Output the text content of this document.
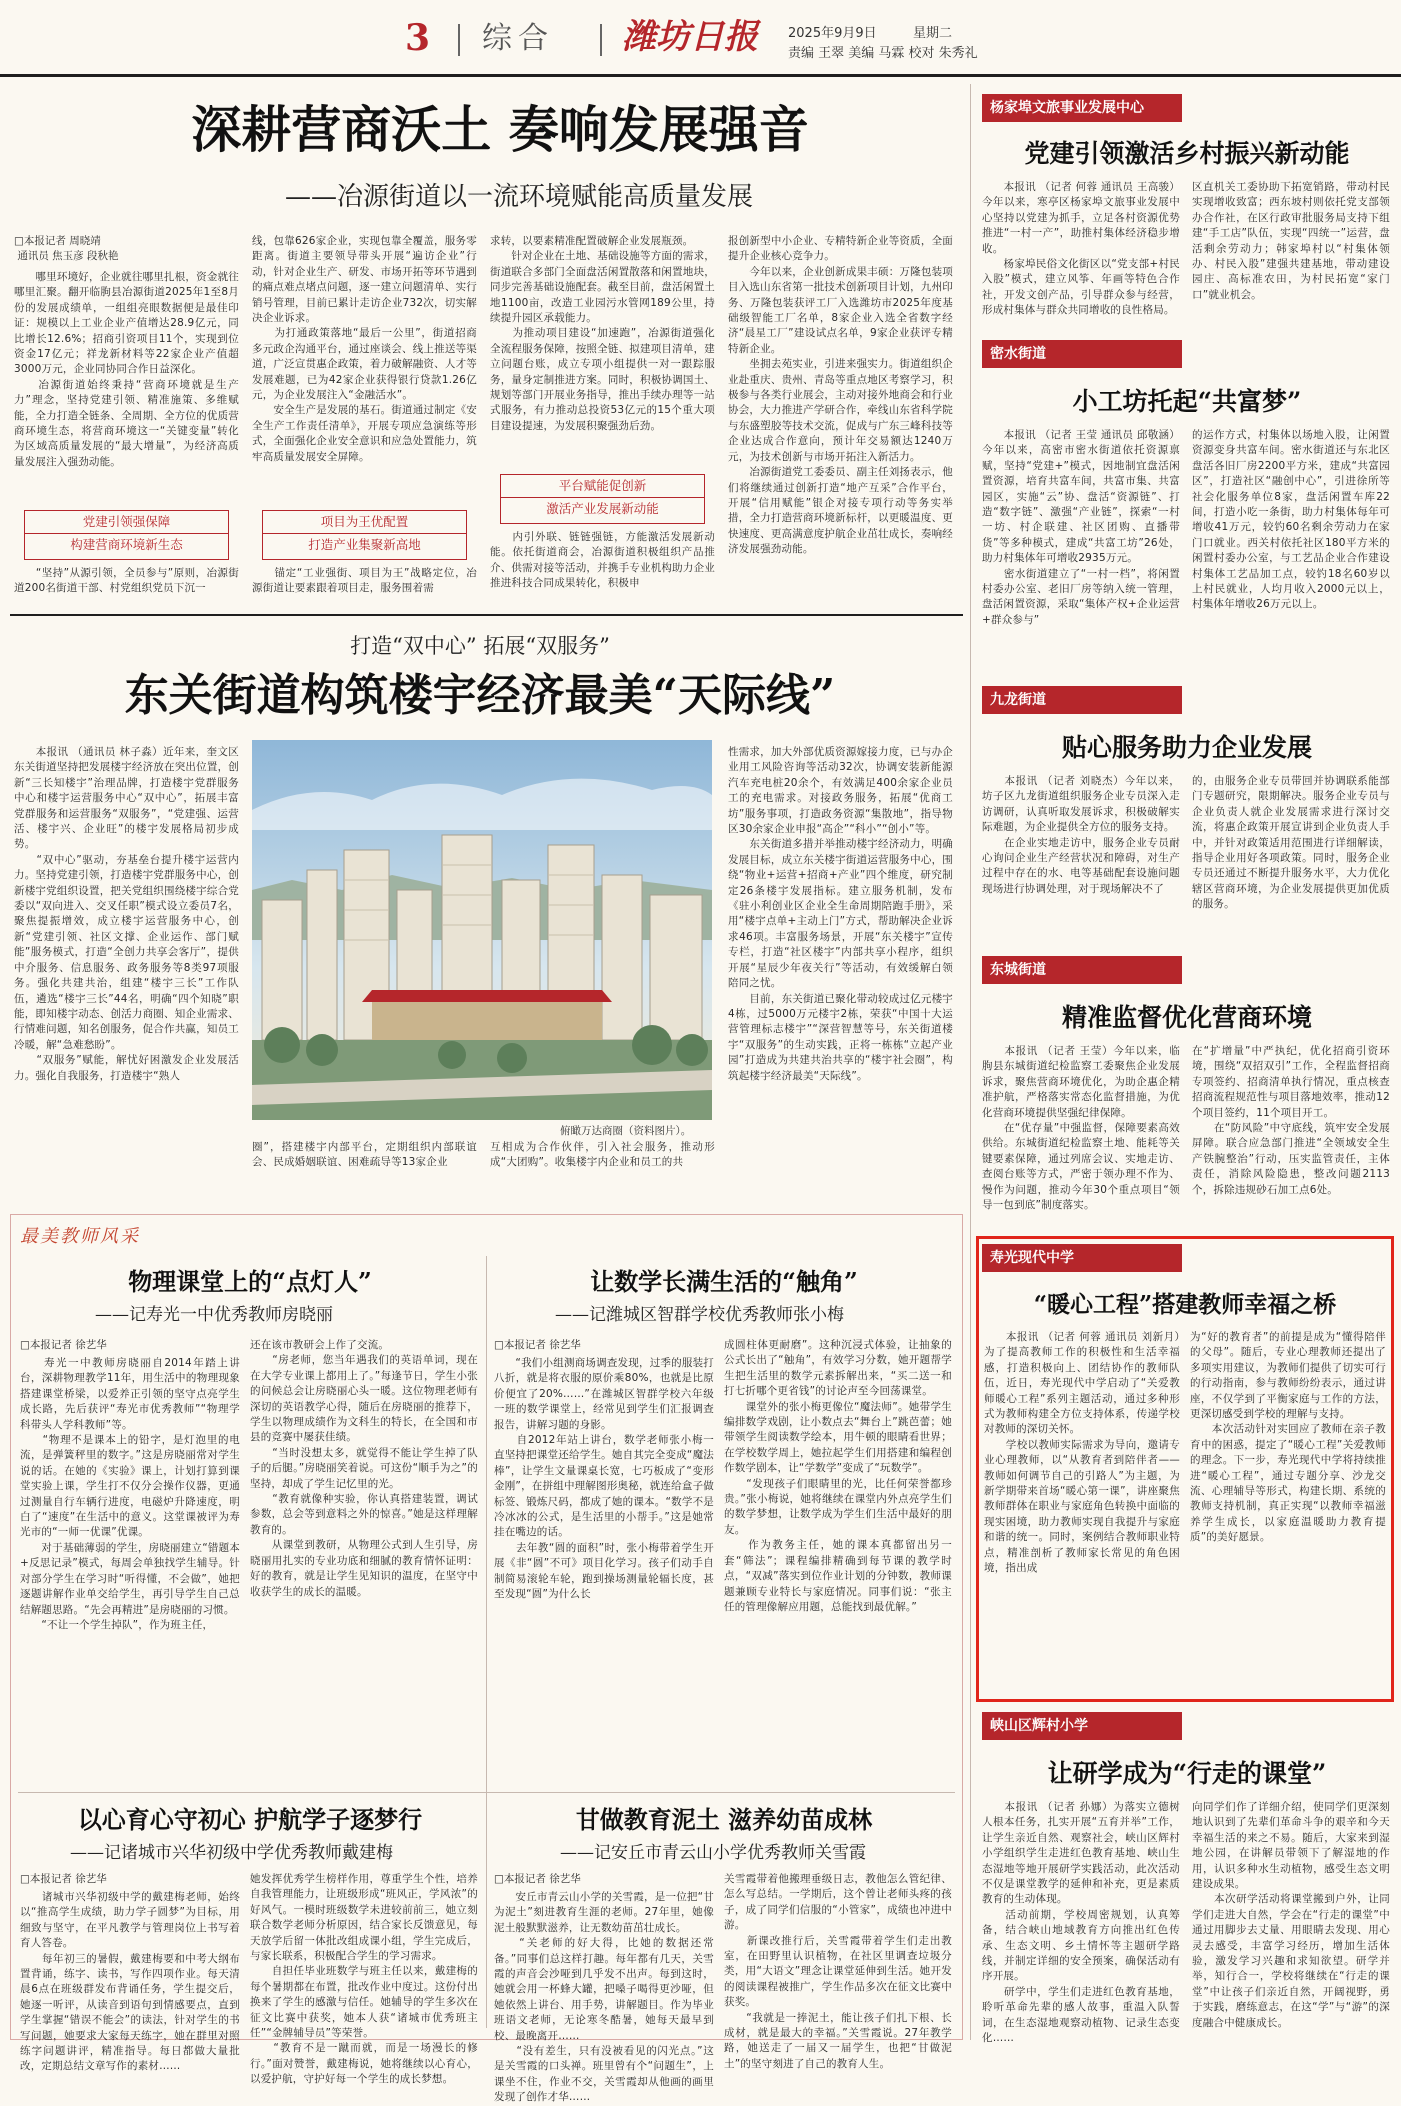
3 综合 潍坊日报 2025年9月9日	星期二
责编 王翠 美编 马霖 校对 朱秀礼
深耕营商沃土 奏响发展强音
——冶源街道以一流环境赋能高质量发展
□本报记者 周晓靖
通讯员 焦玉彦 段秋艳
　　哪里环境好，企业就往哪里扎根，资金就往哪里汇聚。翻开临朐县冶源街道2025年1至8月份的发展成绩单，一组组亮眼数据便是最佳印证：规模以上工业企业产值增达28.9亿元，同比增长12.6%；招商引资项目11个，实现到位资金17亿元；祥龙新材料等22家企业产值超3000万元，企业同协同合作日益深化。
　　冶源街道始终秉持“营商环境就是生产力”理念，坚持党建引领、精准施策、多维赋能，全力打造全链条、全周期、全方位的优质营商环境生态，将营商环境这一“关键变量”转化为区域高质量发展的“最大增量”，为经济高质量发展注入强劲动能。
党建引领强保障
构建营商环境新生态
　　“坚持”从源引领，全员参与”原则，冶源街道200名街道干部、村党组织党员下沉一
线，包靠626家企业，实现包靠全覆盖，服务零距离。街道主要领导带头开展“遍访企业”行动，针对企业生产、研发、市场开拓等环节遇到的痛点难点堵点问题，逐一建立问题清单、实行销号管理，目前已累计走访企业732次，切实解决企业诉求。
　　为打通政策落地“最后一公里”，街道招商多元政企沟通平台，通过座谈会、线上推送等渠道，广泛宣贯惠企政策，着力破解融资、人才等发展难题，已为42家企业获得银行贷款1.26亿元，为企业发展注入“金融活水”。
　　安全生产是发展的基石。街道通过制定《安全生产工作责任清单》，开展专项应急演练等形式，全面强化企业安全意识和应急处置能力，筑牢高质量发展安全屏障。
项目为王优配置
打造产业集聚新高地
　　锚定“工业强街、项目为王”战略定位，冶源街道让要素跟着项目走，服务围着需
求转，以要素精准配置破解企业发展瓶颈。
　　针对企业在土地、基础设施等方面的需求，街道联合多部门全面盘活闲置散落和闲置地块，同步完善基础设施配套。截至目前，盘活闲置土地1100亩，改造工业园污水管网189公里，持续提升园区承载能力。
　　为推动项目建设“加速跑”，冶源街道强化全流程服务保障，按照全链、拟建项目清单，建立问题台账，成立专项小组提供一对一跟踪服务，量身定制推进方案。同时，积极协调国土、规划等部门开展业务指导，推出手续办理等一站式服务，有力推动总投资53亿元的15个重大项目建设提速，为发展积聚强劲后劲。
平台赋能促创新
激活产业发展新动能
　　内引外联、链链强链，方能激活发展新动能。依托街道商会，冶源街道积极组织产品推介、供需对接等活动，并携手专业机构助力企业推进科技合同成果转化，积极申
报创新型中小企业、专精特新企业等资质，全面提升企业核心竞争力。
　　今年以来，企业创新成果丰硕：万隆包装项目入选山东省第一批技术创新项目计划，九州印务、万隆包装获评工厂入选潍坊市2025年度基础级智能工厂名单，8家企业入选全省数字经济“晨星工厂”建设试点名单，9家企业获评专精特新企业。
　　坐拥去苑实业，引进来强实力。街道组织企业赴重庆、贵州、青岛等重点地区考察学习，积极参与各类行业展会，主动对接外地商会和行业协会，大力推进产学研合作，牵线山东省科学院与东盛塑胶等技术交流，促成与广东三峰科技等企业达成合作意向，预计年交易额达1240万元，为技术创新与市场开拓注入新活力。
　　冶源街道党工委委员、副主任刘扬表示，他们将继续通过创新打造“地产互采”合作平台，开展“信用赋能”银企对接专项行动等务实举措，全力打造营商环境新标杆，以更暖温度、更快速度、更高满意度护航企业茁壮成长，奏响经济发展强劲动能。
打造“双中心” 拓展“双服务”
东关街道构筑楼宇经济最美“天际线”
　　本报讯 （通讯员 林子淼）近年来，奎文区东关街道坚持把发展楼宇经济放在突出位置，创新“三长知楼宇”治理品牌，打造楼宇党群服务中心和楼宇运营服务中心“双中心”，拓展丰富党群服务和运营服务“双服务”，“党建强、运营活、楼宇兴、企业旺”的楼宇发展格局初步成势。
　　“双中心”驱动，夯基垒台提升楼宇运营内力。坚持党建引领，打造楼宇党群服务中心，创新楼宇党组织设置，把关党组织围绕楼宇综合党委以“双向进入、交叉任职”模式设立委员7名，聚焦提振增效，成立楼宇运营服务中心，创新“党建引领、社区文撑、企业运作、部门赋能”服务模式，打造“全创力共享会客厅”，提供中介服务、信息服务、政务服务等8类97项服务。强化共建共治，组建“楼宇三长”工作队伍，遴选“楼宇三长”44名，明确“四个知晓”职能，即知楼宇动态、创活力商圈、知企业需求、行情难问题，知名创服务，促合作共赢，知员工冷暖，解“急难愁盼”。
　　“双服务”赋能，解忧好困激发企业发展活力。强化自我服务，打造楼宇“熟人
俯瞰万达商圈（资料图片）。
圈”，搭建楼宇内部平台，定期组织内部联谊会、民成婚姻联谊、困难疏导等13家企业
互相成为合作伙伴，引入社会服务，推动形成“大团购”。收集楼宇内企业和员工的共
性需求，加大外部优质资源嫁接力度，已与办企业用工风险咨询等活动32次，协调安装新能源汽车充电桩20余个，有效满足400余家企业员工的充电需求。对接政务服务，拓展“优商工坊”服务事项，打造政务资源“集散地”，指导物区30余家企业申报“高企”“科小”“创小”等。
　　东关街道多措并举推动楼宇经济动力，明确发展目标，成立东关楼宇街道运营服务中心，围绕“物业+运营+招商+产业”四个维度，研究制定26条楼宇发展指标。建立服务机制，发布《驻小利创业区企业全生命周期陪跑手册》，采用“楼宇点单+主动上门”方式，帮助解决企业诉求46项。丰富服务场景，开展“东关楼宇”宣传专栏，打造“社区楼宇”内部共享小程序，组织开展“星辰少年夜关行”等活动，有效缓解白领陪同之忧。
　　目前，东关街道已聚化带动较成过亿元楼宇4栋，过5000万元楼宇2栋，荣获“中国十大运营管理标志楼宇”“深营智慧等号，东关街道楼宇“双服务”的生动实践，正将一栋栋“立起产业园”打造成为共建共治共享的“楼宇社会圈”，构筑起楼宇经济最美“天际线”。
最美教师风采
物理课堂上的“点灯人”
——记寿光一中优秀教师房晓丽
□本报记者 徐艺华
　　寿光一中教师房晓丽自2014年踏上讲台，深耕物理教学11年，用生活中的物理现象搭建课堂桥梁，以爱养正引领的坚守点亮学生成长路，先后获评“寿光市优秀教师”“物理学科带头人学科教师”等。
　　“物理不是课本上的铅字，是灯泡里的电流，是弹簧秤里的数字。”这是房晓丽常对学生说的话。在她的《实验》课上，计划打算到课堂实验上课，学生打不仅分会操作仪器，更通过测量自行车辆行进度，电磁炉升降速度，明白了“速度”在生活中的意义。这堂课被评为寿光市的“一师一优课”优课。
　　对于基础薄弱的学生，房晓丽建立“错题本+反思记录”模式，每周会单独找学生辅导。针对部分学生在学习时“听得懂，不会做”，她把逐题讲解作业单交给学生，再引导学生自己总结解题思路。“先会再精进”是房晓丽的习惯。
　　“不让一个学生掉队”，作为班主任，
还在该市教研会上作了交流。
　　“房老师，您当年遇我们的英语单词，现在在大学专业课上都用上了。”每逢节日，学生小张的问候总会让房晓丽心头一暖。这位物理老师有深切的英语教学心得，随后在房晓丽的推荐下，学生以物理成绩作为文科生的特长，在全国和市县的竞赛中屡获佳绩。
　　“当时没想太多，就觉得不能让学生掉了队子的后腿。”房晓丽笑着说。可这份“顺手为之”的坚持，却成了学生记忆里的光。
　　“教育就像种实验，你认真搭建装置，调试参数，总会等到意料之外的惊喜。”她是这样理解教育的。
　　从课堂到教研，从物理公式到人生引导，房晓丽用扎实的专业功底和细腻的教育情怀证明：好的教育，就是让学生见知识的温度，在坚守中收获学生的成长的温暖。
让数学长满生活的“触角”
——记潍城区智群学校优秀教师张小梅
□本报记者 徐艺华
　　“我们小组测商场调查发现，过季的服装打八折，就是将衣服的原价乘80%，也就是比原价便宜了20%……”在潍城区智群学校六年级一班的数学课堂上，经常见到学生们汇报调查报告，讲解习题的身影。
　　自2012年站上讲台，数学老师张小梅一直坚持把课堂还给学生。她自其完全变成“魔法棒”，让学生文量课桌长宽，七巧板成了“变形金刚”，在拼组中理解图形奥秘，就连给盒子做标签、锻炼尺码，都成了她的课本。“数学不是冷冰冰的公式，是生活里的小帮手。”这是她常挂在嘴边的话。
　　去年教“圆的面积”时，张小梅带着学生开展《非“圆”不可》项目化学习。孩子们动手自制简易滚轮车轮，跑到操场测量轮辐长度，甚至发现“圆”为什么长
成圆柱体更耐磨”。这种沉浸式体验，让抽象的公式长出了“触角”，有效学习分数，她开题帮学生把生活里的数学元素拆解出来，“买二送一和打七折哪个更省钱”的讨论声至今回荡课堂。
　　课堂外的张小梅更像位“魔法师”。她带学生编排数学戏剧，让小数点去“舞台上”跳芭蕾；她带领学生阅读数学绘本，用牛顿的眼睛看世界；在学校数学周上，她拉起学生们用搭建和编程创作数学剧本，让“学数学”变成了“玩数学”。
　　“发现孩子们眼睛里的光，比任何荣誉都珍贵。”张小梅说，她将继续在课堂内外点亮学生们的数学梦想，让数学成为学生们生活中最好的朋友。
　　作为教务主任，她的课本真都留出另一套“筛法”；课程编排精确到每节课的教学时点，“双减”落实到位作业计划的分钟数，教师课题兼顾专业特长与家庭情况。同事们说：“张主任的管理像解应用题，总能找到最优解。”
以心育心守初心 护航学子逐梦行
——记诸城市兴华初级中学优秀教师戴建梅
□本报记者 徐艺华
　　诸城市兴华初级中学的戴建梅老师，始终以“推高学生成绩，助力学子圆梦”为目标，用细致与坚守，在平凡教学与管理岗位上书写着育人答卷。
　　每年初三的暑假，戴建梅要和中考大纲布置背诵，练字、读书，写作四项作业。每天清晨6点在班级群发布背诵任务，学生提交后，她逐一听评，从读音到语句到情感要点，直到学生掌握“错误不能会”的读法，针对学生的书写问题，她要求大家每天练字，她在群里对照练字问题讲评，精准指导。每日都做大量批改，定期总结文章写作的素材……
她发挥优秀学生榜样作用，尊重学生个性，培养自我管理能力，让班级形成“班风正，学风浓”的好风气。一模时班级数学未进较前前三，她立刻联合数学老师分析原因，结合家长反馈意见，每天放学后留一体批改组成课小组，学生完成后，与家长联系，积极配合学生的学习需求。
　　自担任毕业班数学与班主任以来，戴建梅的每个暑期都在布置，批改作业中度过。这份付出换来了学生的感激与信任。她辅导的学生多次在征文比赛中获奖，她本人获“诸城市优秀班主任”“金牌辅导员”等荣誉。
　　“教育不是一蹴而就，而是一场漫长的修行。”面对赞誉，戴建梅说，她将继续以心育心，以爱护航，守护好每一个学生的成长梦想。
甘做教育泥土 滋养幼苗成林
——记安丘市青云山小学优秀教师关雪霞
□本报记者 徐艺华
　　安丘市青云山小学的关雪霞，是一位把“甘为泥土”刻进教育生涯的老师。27年里，她像泥土般默默滋养，让无数幼苗茁壮成长。
　　“关老师的好大得，比她的数据还常备。”同事们总这样打趣。每年都有几天，关雪霞的声音会沙哑到几乎发不出声。每到这时，她就会用一杯蜂大罐，把嗓子喝得更沙哑，但她依然上讲台、用手势，讲解题目。作为毕业班语文老师，无论寒冬酷暑，她每天最早到校、最晚离开……
　　“没有差生，只有没被看见的闪光点。”这是关雪霞的口头禅。班里曾有个“问题生”，上课坐不住，作业不交，关雪霞却从他画的画里发现了创作才华……
关雪霞带着他搬理垂级日志，教他怎么管纪律、怎么写总结。一学期后，这个曾让老师头疼的孩子，成了同学们信服的“小管家”，成绩也冲进中游。
　　新课改推行后，关雪霞带着学生们走出教室，在田野里认识植物，在社区里调查垃圾分类，用“大语文”理念让课堂延伸到生活。她开发的阅读课程被推广，学生作品多次在征文比赛中获奖。
　　“我就是一捧泥土，能让孩子们扎下根、长成材，就是最大的幸福。”关雪霞说。27年教学路，她送走了一届又一届学生，也把“甘做泥土”的坚守刻进了自己的教育人生。
杨家埠文旅事业发展中心
党建引领激活乡村振兴新动能
　　本报讯 （记者 何蓉 通讯员 王高骏）今年以来，寒亭区杨家埠文旅事业发展中心坚持以党建为抓手，立足各村资源优势推进“一村一产”，助推村集体经济稳步增收。
　　杨家埠民俗文化街区以“党支部+村民入股”模式，建立风筝、年画等特色合作社，开发文创产品，引导群众参与经营，形成村集体与群众共同增收的良性格局。
区直机关工委协助下拓宽销路，带动村民实现增收致富；西东坡村则依托党支部领办合作社，在区行政审批服务局支持下组建“手工店”队伍，实现“四统一”运营，盘活剩余劳动力；韩家埠村以“村集体领办、村民入股”建强共建基地，带动建设园庄、高标准农田，为村民拓宽“家门口”就业机会。
密水街道
小工坊托起“共富梦”
　　本报讯 （记者 王莹 通讯员 邱敬涵）今年以来，高密市密水街道依托资源禀赋，坚持“党建+”模式，因地制宜盘活闲置资源，培育共富车间，共富市集、共富园区，实施“云”协、盘活“资源链”、打造“数字链”、激强“产业链”，探索“一村一坊、村企联建、社区团购、直播带货”等多种模式，建成“共富工坊”26处，助力村集体年可增收2935万元。
　　密水街道建立了“一村一档”，将闲置村委办公室、老旧厂房等纳入统一管理，盘活闲置资源，采取“集体产权+企业运营+群众参与”
的运作方式，村集体以场地入股，让闲置资源变身共富车间。密水街道还与东北区盘活各旧厂房2200平方米，建成“共富园区”，打造社区“融创中心”，引进徐所等社会化服务单位8家，盘活闲置车库22间，打造小吃一条街，助力村集体每年可增收41万元，较钓60名剩余劳动力在家门口就业。西关村依托社区180平方米的闲置村委办公室，与工艺品企业合作建设村集体工艺品加工点，较钓18名60岁以上村民就业，人均月收入2000元以上，村集体年增收26万元以上。
九龙街道
贴心服务助力企业发展
　　本报讯 （记者 刘晓杰）今年以来，坊子区九龙街道组织服务企业专员深入走访调研，认真听取发展诉求，积极破解实际难题，为企业提供全方位的服务支持。
　　在企业实地走访中，服务企业专员耐心询问企业生产经营状况和障碍，对生产过程中存在的水、电等基础配套设施问题现场进行协调处理，对于现场解决不了
的，由服务企业专员带回并协调联系能部门专题研究，限期解决。服务企业专员与企业负责人就企业发展需求进行深讨交流，将惠企政策开展宣讲到企业负责人手中，并针对政策适用范围进行详细解读，指导企业用好各项政策。同时，服务企业专员还通过不断提升服务水平，大力优化辖区营商环境，为企业发展提供更加优质的服务。
东城街道
精准监督优化营商环境
　　本报讯 （记者 王莹）今年以来，临朐县东城街道纪检监察工委聚焦企业发展诉求，聚焦营商环境优化，为助企惠企精准护航，严格落实常态化监督措施，为优化营商环境提供坚强纪律保障。
　　在“优存量”中强监督，保障要素高效供给。东城街道纪检监察土地、能耗等关键要素保障，通过列席会议、实地走访、查阅台账等方式，严密于领办理不作为、慢作为问题，推动今年30个重点项目“领导一包到底”制度落实。
在“扩增量”中严执纪，优化招商引资环境，围绕“双招双引”工作，全程监督招商专项签约、招商清单执行情况，重点核查招商流程规范性与项目落地效率，推动12个项目签约，11个项目开工。
　　在“防风险”中守底线，筑牢安全发展屏障。联合应急部门推进“全领域安全生产铁腕整治”行动，压实监管责任，主体责任，消除风险隐患，整改问题2113个，拆除违规砂石加工点6处。
寿光现代中学
“暖心工程”搭建教师幸福之桥
　　本报讯 （记者 何蓉 通讯员 刘新月）为了提高教师工作的积极性和生活幸福感，打造积极向上、团结协作的教师队伍，近日，寿光现代中学启动了“关爱教师暖心工程”系列主题活动，通过多种形式为教师构建全方位支持体系，传递学校对教师的深切关怀。
　　学校以教师实际需求为导向，邀请专业心理教师，以“从教育者到陪伴者——教师如何调节自己的引路人”为主题，为新学期带来首场“暖心第一课”，讲座聚焦教师群体在职业与家庭角色转换中面临的现实困境，助力教师实现自我提升与家庭和谐的统一。同时，案例结合教师职业特点，精准剖析了教师家长常见的角色困境，指出成
为“好的教育者”的前提是成为“懂得陪伴的父母”。随后，专业心理教师还提出了多项实用建议，为教师们提供了切实可行的行动指南，参与教师纷纷表示，通过讲座，不仅学到了平衡家庭与工作的方法，更深切感受到学校的理解与支持。
　　本次活动针对实回应了教师在亲子教育中的困惑，提定了“暖心工程”关爱教师的理念。下一步，寿光现代中学将持续推进“暖心工程”，通过专题分享、沙龙交流、心理辅导等形式，构建长期、系统的教师支持机制，真正实现“以教师幸福滋养学生成长，以家庭温暖助力教育提质”的美好愿景。
峡山区辉村小学
让研学成为“行走的课堂”
　　本报讯 （记者 孙娜）为落实立德树人根本任务，扎实开展“五育并举”工作，让学生亲近自然、观察社会，峡山区辉村小学组织学生走进红色教育基地、峡山生态湿地等地开展研学实践活动，此次活动不仅是课堂教学的延伸和补充，更是素质教育的生动体现。
　　活动前期，学校周密规划，认真筹备，结合峡山地域教育方向推出红色传承、生态文明、乡土情怀等主题研学路线，并制定详细的安全预案，确保活动有序开展。
　　研学中，学生们走进红色教育基地，聆听革命先辈的感人故事，重温入队誓词，在生态湿地观察动植物、记录生态变化……
向同学们作了详细介绍，使同学们更深刻地认识到了先辈们革命斗争的艰辛和今天幸福生活的来之不易。随后，大家来到湿地公园，在讲解员带领下了解湿地的作用，认识多种水生动植物，感受生态文明建设成果。
　　本次研学活动将课堂搬到户外，让同学们走进大自然，学会在“行走的课堂”中通过用脚步去丈量、用眼睛去发现、用心灵去感受，丰富学习经历，增加生活体验，激发学习兴趣和求知欲望。研学并举，知行合一，学校将继续在“行走的课堂”中让孩子们亲近自然，开阔视野，勇于实践，磨练意志，在这“学”与“游”的深度融合中健康成长。
